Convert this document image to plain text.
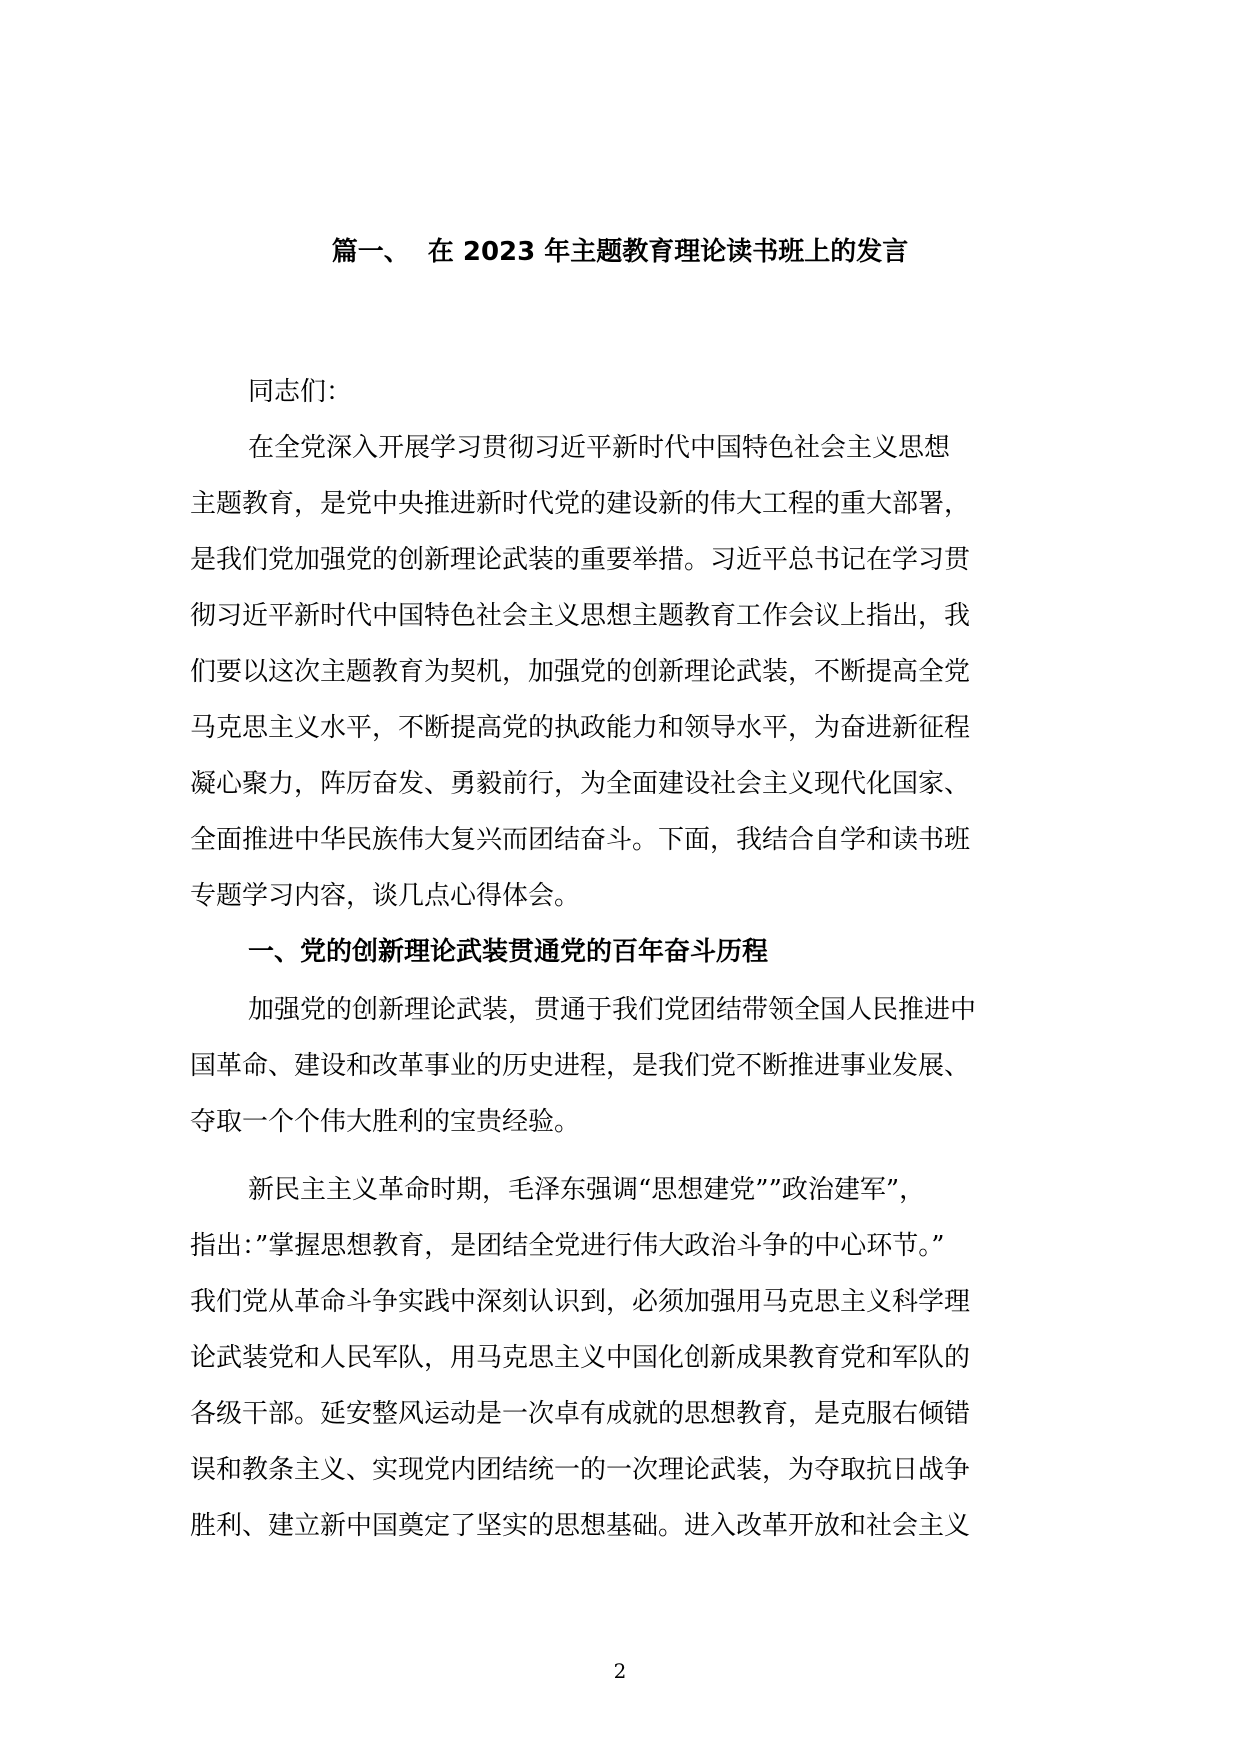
篇一、  在 2023 年主题教育理论读书班上的发言
同志们：
在全党深入开展学习贯彻习近平新时代中国特色社会主义思想
主题教育，是党中央推进新时代党的建设新的伟大工程的重大部署，
是我们党加强党的创新理论武装的重要举措。习近平总书记在学习贯
彻习近平新时代中国特色社会主义思想主题教育工作会议上指出，我
们要以这次主题教育为契机，加强党的创新理论武装，不断提高全党
马克思主义水平，不断提高党的执政能力和领导水平，为奋进新征程
凝心聚力，阵厉奋发、勇毅前行，为全面建设社会主义现代化国家、
全面推进中华民族伟大复兴而团结奋斗。下面，我结合自学和读书班
专题学习内容，谈几点心得体会。
一、党的创新理论武装贯通党的百年奋斗历程
加强党的创新理论武装，贯通于我们党团结带领全国人民推进中
国革命、建设和改革事业的历史进程，是我们党不断推进事业发展、
夺取一个个伟大胜利的宝贵经验。
新民主主义革命时期，毛泽东强调“思想建党””政治建军”，
指出：”掌握思想教育，是团结全党进行伟大政治斗争的中心环节。”
我们党从革命斗争实践中深刻认识到，必须加强用马克思主义科学理
论武装党和人民军队，用马克思主义中国化创新成果教育党和军队的
各级干部。延安整风运动是一次卓有成就的思想教育，是克服右倾错
误和教条主义、实现党内团结统一的一次理论武装，为夺取抗日战争
胜利、建立新中国奠定了坚实的思想基础。进入改革开放和社会主义
2
